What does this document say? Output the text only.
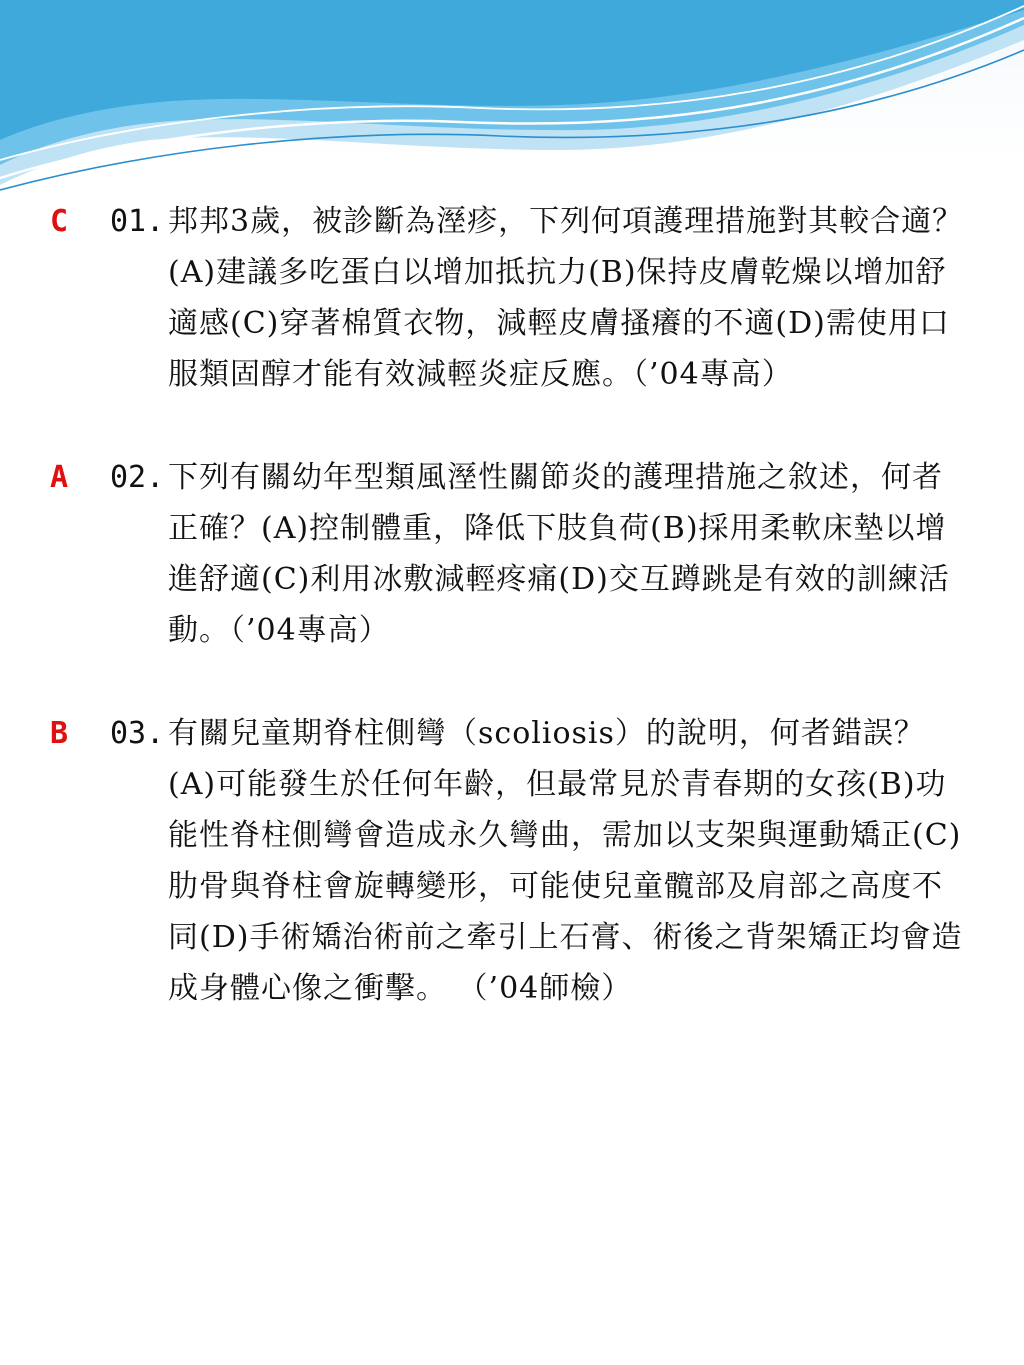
C 01. 邦邦3歲，被診斷為溼疹，下列何項護理措施對其較合適？(A)建議多吃蛋白以增加抵抗力(B)保持皮膚乾燥以增加舒適感(C)穿著棉質衣物，減輕皮膚搔癢的不適(D)需使用口服類固醇才能有效減輕炎症反應。（’04專高）
A 02. 下列有關幼年型類風溼性關節炎的護理措施之敘述，何者正確？(A)控制體重，降低下肢負荷(B)採用柔軟床墊以增進舒適(C)利用冰敷減輕疼痛(D)交互蹲跳是有效的訓練活動。（’04專高）
B 03. 有關兒童期脊柱側彎（scoliosis）的說明，何者錯誤？(A)可能發生於任何年齡，但最常見於青春期的女孩(B)功能性脊柱側彎會造成永久彎曲，需加以支架與運動矯正(C)肋骨與脊柱會旋轉變形，可能使兒童髖部及肩部之高度不同(D)手術矯治術前之牽引上石膏、術後之背架矯正均會造成身體心像之衝擊。 （’04師檢）
